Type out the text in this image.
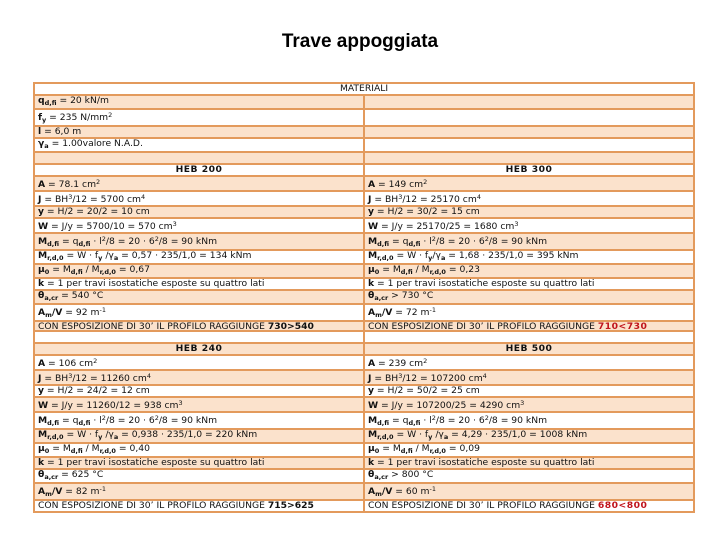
Trave appoggiata
MATERIALI	
$q_{d,fi} = 20$ kN/m	
$f_y = 235$ $N/mm^2$	
l = 6,0 m	
$\gamma_a$ = 1.00valore N.A.D.	

HEB 200	HEB 300
A = 78.1 $cm^2$	A = 149 $cm^2$
$J = BH^3/12 = 5700$ $cm^4$	$J = BH^3/12 = 25170$ $cm^4$
y = H/2 = 20/2 = 10 cm	y = H/2 = 30/2 = 15 cm
W = J/y = 5700/10 = 570 $cm^3$	W = J/y = 25170/25 = 1680 $cm^3$
$M_{d,fi} = q_{d,fi} \cdot l^2/8 = 20 \cdot 6^2/8 = 90$ kNm	$M_{d,fi} = q_{d,fi} \cdot l^2/8 = 20 \cdot 6^2/8 = 90$ kNm
$M_{r,d,0} = W \cdot f_y$ $/\gamma_a = 0,57 \cdot 235/1,0 = 134$ kNm	$M_{r,d,0} = W \cdot f_y/\gamma_a = 1,68 \cdot 235/1,0 = 395$ kNm
$\mu_0 = M_{d,fi} / M_{r,d,0} = 0,67$	$\mu_0 = M_{d,fi} / M_{r,d,0} = 0,23$
k = 1 per travi isostatiche esposte su quattro lati	k = 1 per travi isostatiche esposte su quattro lati
$\theta_{a,cr} = 540$ °C	$\theta_{a,cr} > 730$ °C
$A_m/V = 92$ $m^{-1}$	$A_m/V = 72$ $m^{-1}$
CON ESPOSIZIONE DI 30’ IL PROFILO RAGGIUNGE 730>540	CON ESPOSIZIONE DI 30’ IL PROFILO RAGGIUNGE 710<730

HEB 240	HEB 500
A = 106 $cm^2$	A = 239 $cm^2$
$J = BH^3/12 = 11260$ $cm^4$	$J = BH^3/12 = 107200$ $cm^4$
y = H/2 = 24/2 = 12 cm	y = H/2 = 50/2 = 25 cm
W = J/y = 11260/12 = 938 $cm^3$	W = J/y = 107200/25 = 4290 $cm^3$
$M_{d,fi} = q_{d,fi} \cdot l^2/8 = 20 \cdot 6^2/8 = 90$ kNm	$M_{d,fi} = q_{d,fi} \cdot l^2/8 = 20 \cdot 6^2/8 = 90$ kNm
$M_{r,d,0} = W \cdot f_y$ $/\gamma_a = 0,938 \cdot 235/1,0 = 220$ kNm	$M_{r,d,0} = W \cdot f_y$ $/\gamma_a = 4,29 \cdot 235/1,0 = 1008$ kNm
$\mu_0 = M_{d,fi} / M_{r,d,0} = 0,40$	$\mu_0 = M_{d,fi} / M_{r,d,0} = 0,09$
k = 1 per travi isostatiche esposte su quattro lati	k = 1 per travi isostatiche esposte su quattro lati
$\theta_{a,cr} = 625$ °C	$\theta_{a,cr} > 800$ °C
$A_m/V = 82$ $m^{-1}$	$A_m/V = 60$ $m^{-1}$
CON ESPOSIZIONE DI 30’ IL PROFILO RAGGIUNGE 715>625	CON ESPOSIZIONE DI 30’ IL PROFILO RAGGIUNGE 680<800
